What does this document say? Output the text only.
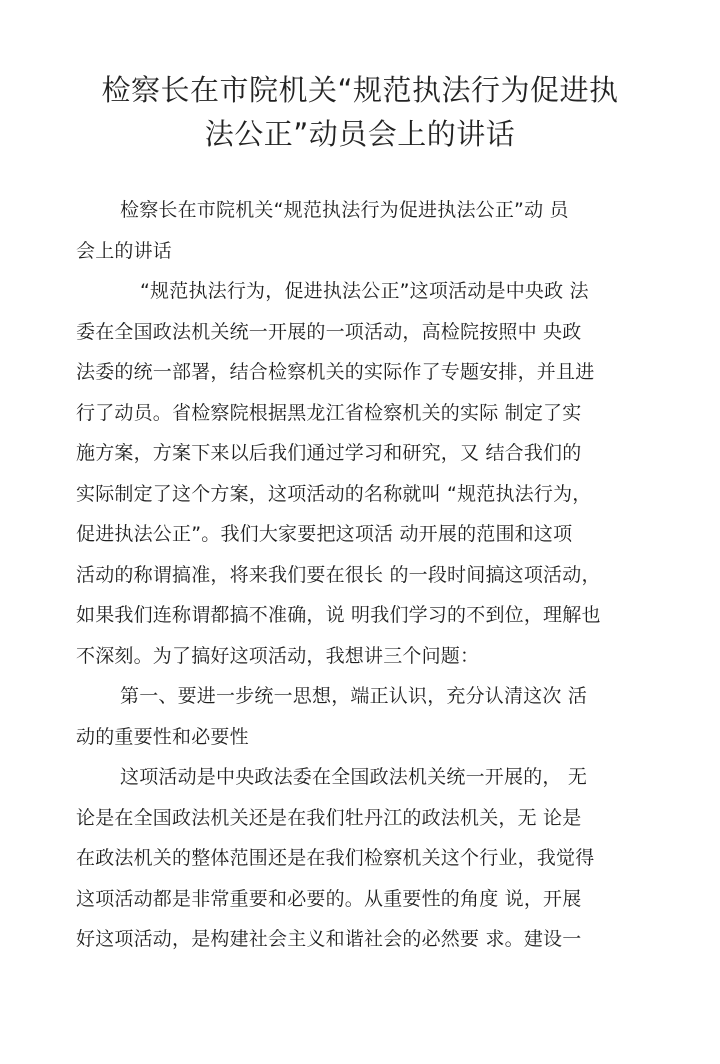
检察长在市院机关“规范执法行为促进执
法公正”动员会上的讲话
检察长在市院机关“规范执法行为促进执法公正”动 员
会上的讲话
“规范执法行为，促进执法公正”这项活动是中央政 法
委在全国政法机关统一开展的一项活动，高检院按照中 央政
法委的统一部署，结合检察机关的实际作了专题安排，并且进
行了动员。省检察院根据黑龙江省检察机关的实际 制定了实
施方案，方案下来以后我们通过学习和研究，又 结合我们的
实际制定了这个方案，这项活动的名称就叫 “规范执法行为，
促进执法公正”。我们大家要把这项活 动开展的范围和这项
活动的称谓搞准，将来我们要在很长 的一段时间搞这项活动，
如果我们连称谓都搞不准确，说 明我们学习的不到位，理解也
不深刻。为了搞好这项活动，我想讲三个问题：
第一、要进一步统一思想，端正认识，充分认清这次 活
动的重要性和必要性
这项活动是中央政法委在全国政法机关统一开展的， 无
论是在全国政法机关还是在我们牡丹江的政法机关，无 论是
在政法机关的整体范围还是在我们检察机关这个行业，我觉得
这项活动都是非常重要和必要的。从重要性的角度 说，开展
好这项活动，是构建社会主义和谐社会的必然要 求。建设一
